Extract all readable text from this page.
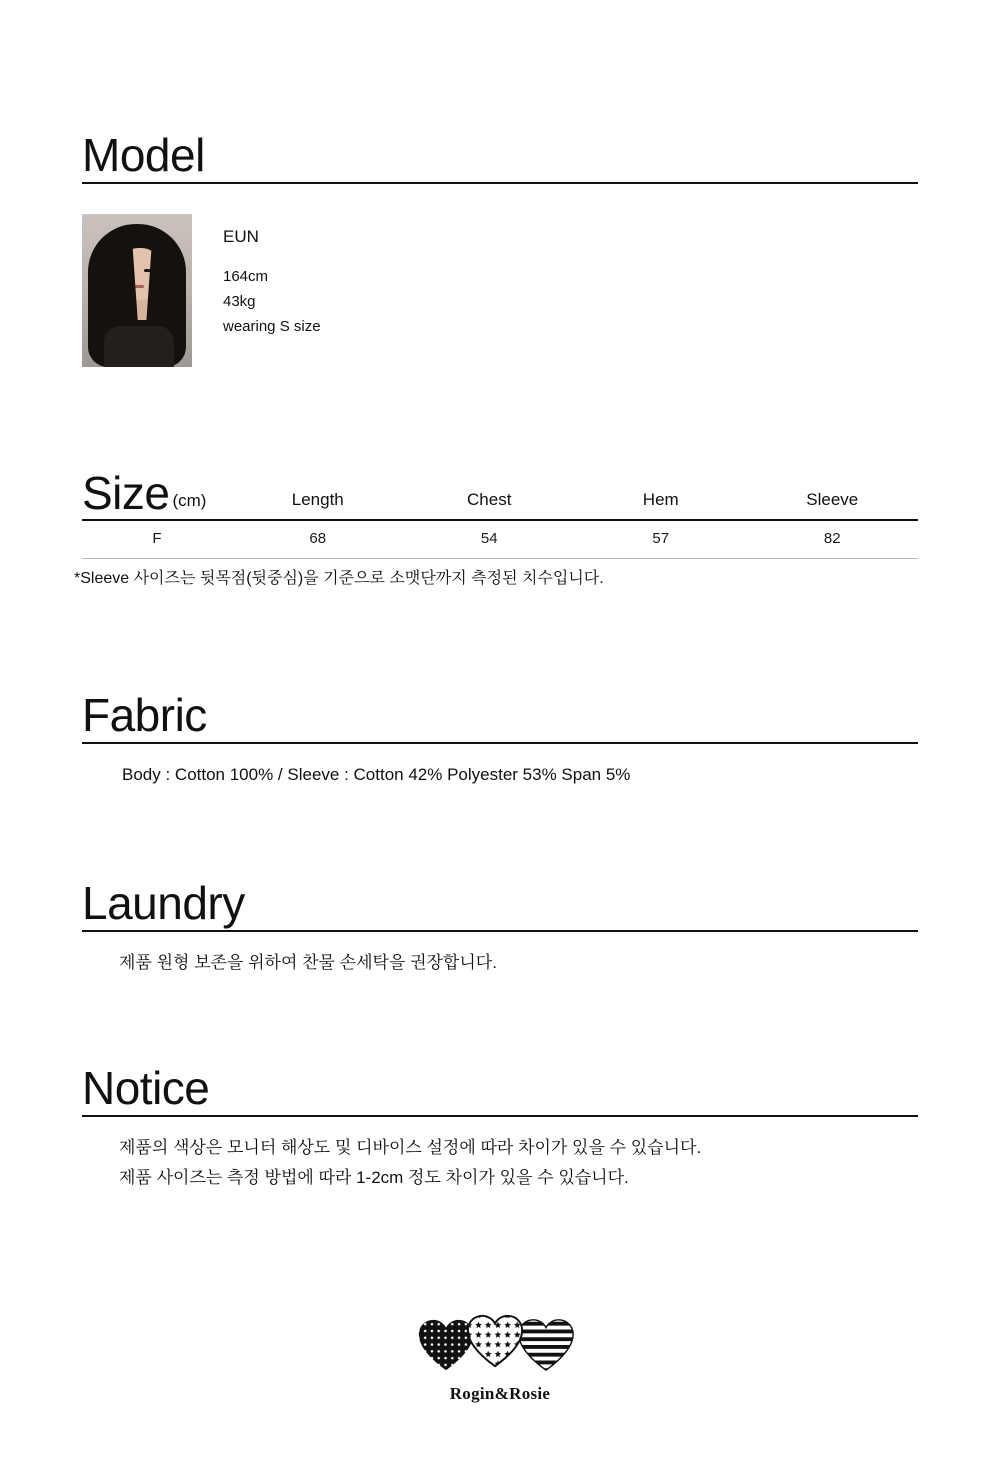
Model
EUN
164cm
43kg
wearing S size
Size (cm)	Length	Chest	Hem	Sleeve
F	68	54	57	82
*Sleeve 사이즈는 뒷목점(뒷중심)을 기준으로 소맷단까지 측정된 치수입니다.
Fabric
Body : Cotton 100% / Sleeve : Cotton 42% Polyester 53% Span 5%
Laundry
제품 원형 보존을 위하여 찬물 손세탁을 권장합니다.
Notice
제품의 색상은 모니터 해상도 및 디바이스 설정에 따라 차이가 있을 수 있습니다.
제품 사이즈는 측정 방법에 따라 1-2cm 정도 차이가 있을 수 있습니다.
Rogin&Rosie
